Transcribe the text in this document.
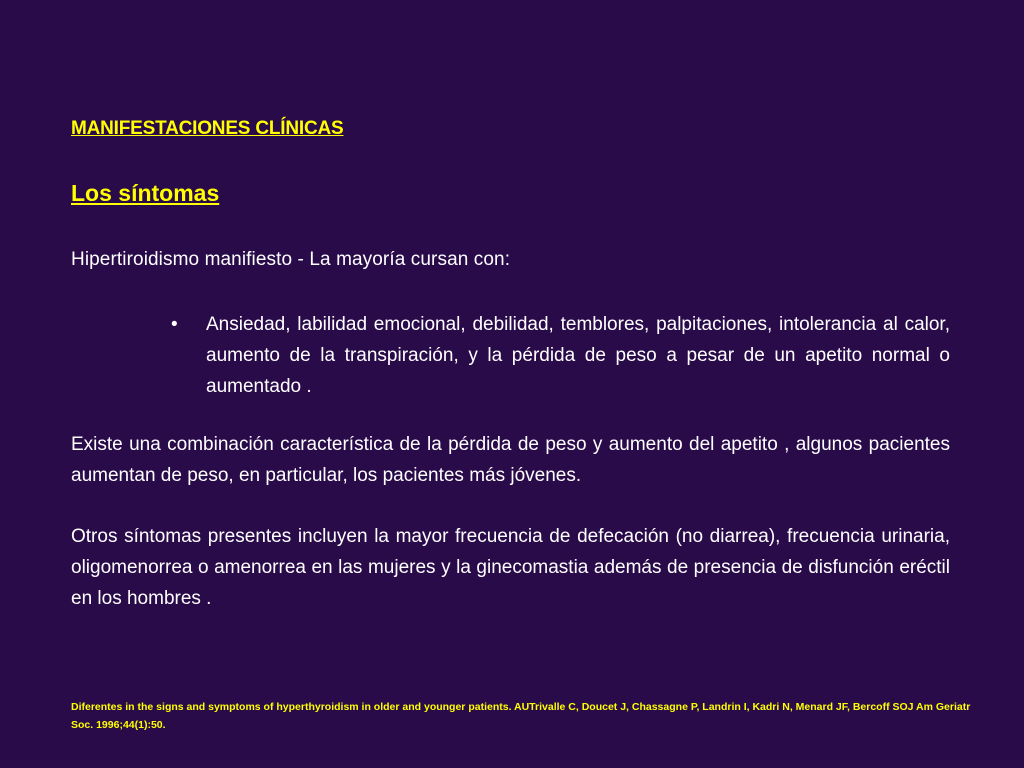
MANIFESTACIONES CLÍNICAS
Los síntomas
Hipertiroidismo manifiesto - La mayoría cursan con:
•	Ansiedad, labilidad emocional, debilidad, temblores, palpitaciones, intolerancia al calor, aumento de la transpiración, y la pérdida de peso a pesar de un apetito normal o aumentado .
Existe una combinación característica de la pérdida de peso y aumento del apetito , algunos pacientes aumentan de peso, en particular, los pacientes más jóvenes.
Otros síntomas presentes incluyen la mayor frecuencia de defecación (no diarrea), frecuencia urinaria, oligomenorrea o amenorrea en las mujeres y la ginecomastia además de presencia de disfunción eréctil en los hombres .
Diferentes in the signs and symptoms of hyperthyroidism in older and younger patients. AUTrivalle C, Doucet J, Chassagne P, Landrin I, Kadri N, Menard JF, Bercoff SOJ Am Geriatr Soc. 1996;44(1):50.
